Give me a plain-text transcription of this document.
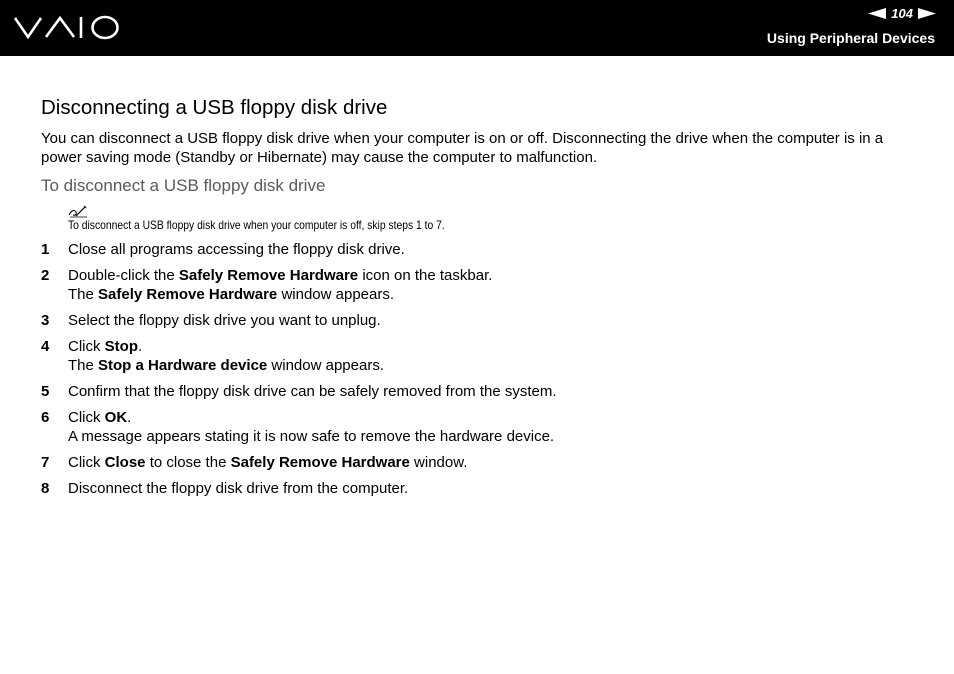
104
Using Peripheral Devices
Disconnecting a USB floppy disk drive

You can disconnect a USB floppy disk drive when your computer is on or off. Disconnecting the drive when the computer is in a power saving mode (Standby or Hibernate) may cause the computer to malfunction.

To disconnect a USB floppy disk drive
To disconnect a USB floppy disk drive when your computer is off, skip steps 1 to 7.
1	Close all programs accessing the floppy disk drive.
2	Double-click the Safely Remove Hardware icon on the taskbar.
The Safely Remove Hardware window appears.
3	Select the floppy disk drive you want to unplug.
4	Click Stop.
The Stop a Hardware device window appears.
5	Confirm that the floppy disk drive can be safely removed from the system.
6	Click OK.
A message appears stating it is now safe to remove the hardware device.
7	Click Close to close the Safely Remove Hardware window.
8	Disconnect the floppy disk drive from the computer.
